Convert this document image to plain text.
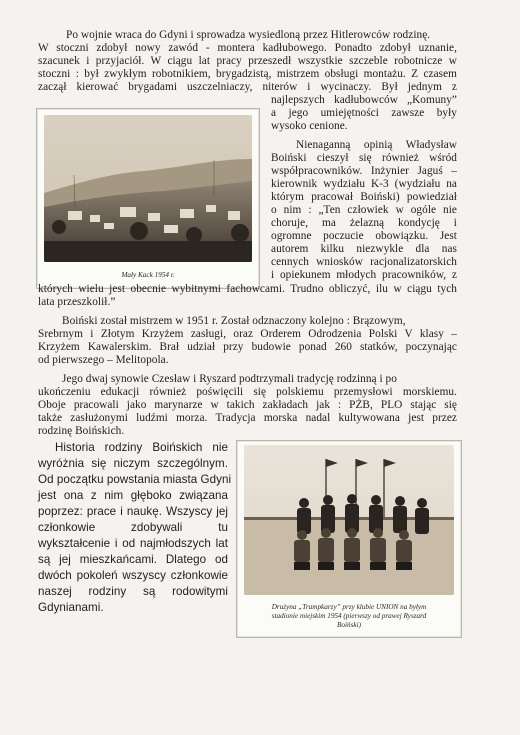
Po wojnie wraca do Gdyni i sprowadza wysiedloną przez Hitlerowców rodzinę.
W stoczni zdobył nowy zawód - montera kadłubowego. Ponadto zdobył uznanie,
szacunek i przyjaciół. W ciągu lat pracy przeszedł wszystkie szczeble robotnicze w
stoczni : był zwykłym robotnikiem, brygadzistą, mistrzem obsługi montażu. Z czasem
zaczął kierować brygadami uszczelniaczy, niterów i wycinaczy. Był jednym z
Mały Kack 1954 r.
najlepszych kadłubowców „Komuny”
a jego umiejętności zawsze były
wysoko cenione.
Nienaganną opinią Władysław
Boiński cieszył się również wśród
współpracowników. Inżynier Jaguś –
kierownik wydziału K-3 (wydziału na
którym pracował Boiński) powiedział
o nim : „Ten człowiek w ogóle nie
choruje, ma żelazną kondycję i
ogromne poczucie obowiązku. Jest
autorem kilku niezwykle dla nas
cennych wniosków racjonalizatorskich
i opiekunem młodych pracowników, z
których wielu jest obecnie wybitnymi fachowcami. Trudno obliczyć, ilu w ciągu tych
lata przeszkolił.”
Boiński został mistrzem w 1951 r. Został odznaczony kolejno : Brązowym,
Srebrnym i Złotym Krzyżem zasługi, oraz Orderem Odrodzenia Polski V klasy –
Krzyżem Kawalerskim. Brał udział przy budowie ponad 260 statków, poczynając
od pierwszego – Melitopola.
Jego dwaj synowie Czesław i Ryszard podtrzymali tradycję rodzinną i po
ukończeniu edukacji również poświęcili się polskiemu przemysłowi morskiemu.
Oboje pracowali jako marynarze w takich zakładach jak : PŻB, PLO stając się
także zasłużonymi ludźmi morza. Tradycja morska nadal kultywowana jest przez
rodzinę Boińskich.
Historia rodziny Boińskich nie
wyróżnia się niczym szczególnym.
Od początku powstania miasta Gdyni
jest ona z nim głęboko związana
poprzez: prace i naukę. Wszyscy jej
członkowie zdobywali tu
wykształcenie i od najmłodszych lat
są jej mieszkańcami. Dlatego od
dwóch pokoleń wszyscy członkowie
naszej rodziny są rodowitymi
Gdynianami.	Drużyna „Trampkarzy” przy klubie UNION na byłym
stadionie miejskim 1954 (pierwszy od prawej Ryszard
Boiński)
